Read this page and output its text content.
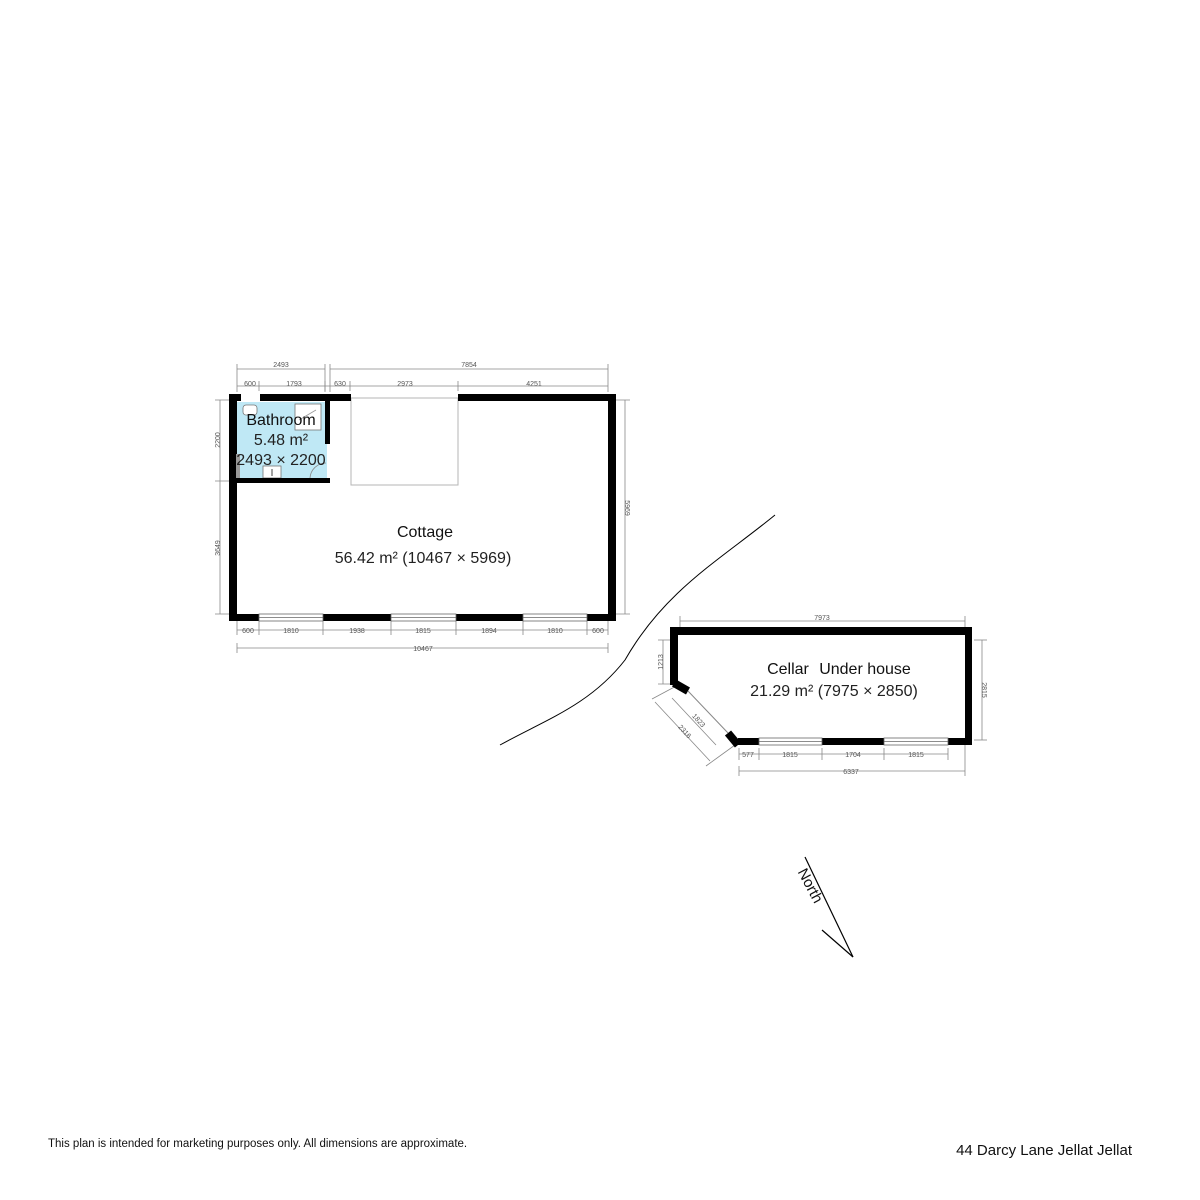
2493	7854
600	1793	630	2973	4251
2200
3649
5969
600	1810	1938	1815	1894	1810	600
10467
Bathroom
5.48 m²
2493 × 2200
Cottage
56.42 m² (10467 × 5969)
7973
1213
2815
1823
2316
577	1815	1704	1815
6337
Cellar Under house
21.29 m² (7975 × 2850)
North
This plan is intended for marketing purposes only. All dimensions are approximate.	44 Darcy Lane Jellat Jellat
